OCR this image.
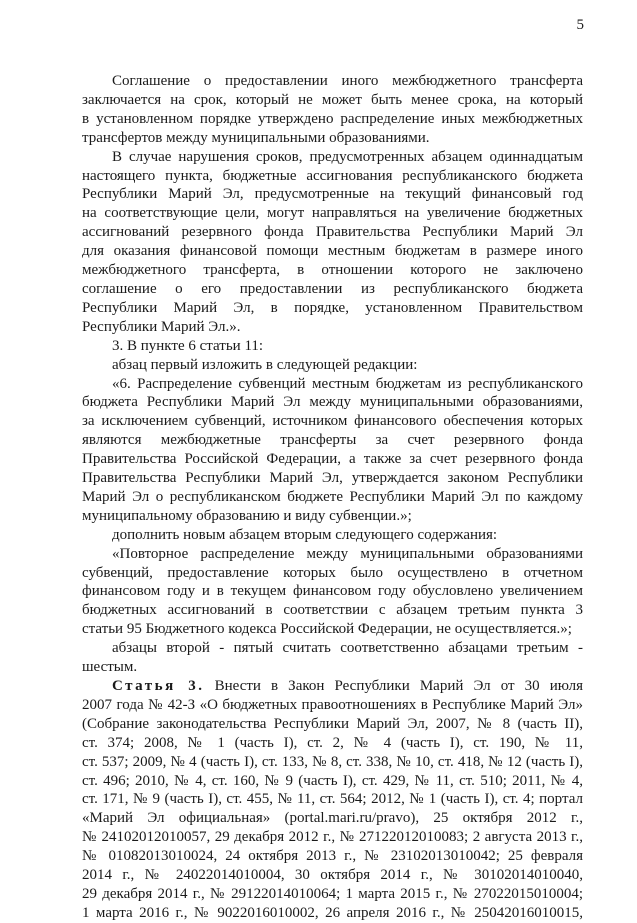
5
Соглашение о предоставлении иного межбюджетного трансферта
заключается на срок, который не может быть менее срока, на который
в установленном порядке утверждено распределение иных межбюджетных
трансфертов между муниципальными образованиями.
В случае нарушения сроков, предусмотренных абзацем одиннадцатым
настоящего пункта, бюджетные ассигнования республиканского бюджета
Республики Марий Эл, предусмотренные на текущий финансовый год
на соответствующие цели, могут направляться на увеличение бюджетных
ассигнований резервного фонда Правительства Республики Марий Эл
для оказания финансовой помощи местным бюджетам в размере иного
межбюджетного трансферта, в отношении которого не заключено
соглашение о его предоставлении из республиканского бюджета
Республики Марий Эл, в порядке, установленном Правительством
Республики Марий Эл.».
3. В пункте 6 статьи 11:
абзац первый изложить в следующей редакции:
«6. Распределение субвенций местным бюджетам из республиканского
бюджета Республики Марий Эл между муниципальными образованиями,
за исключением субвенций, источником финансового обеспечения которых
являются межбюджетные трансферты за счет резервного фонда
Правительства Российской Федерации, а также за счет резервного фонда
Правительства Республики Марий Эл, утверждается законом Республики
Марий Эл о республиканском бюджете Республики Марий Эл по каждому
муниципальному образованию и виду субвенции.»;
дополнить новым абзацем вторым следующего содержания:
«Повторное распределение между муниципальными образованиями
субвенций, предоставление которых было осуществлено в отчетном
финансовом году и в текущем финансовом году обусловлено увеличением
бюджетных ассигнований в соответствии с абзацем третьим пункта 3
статьи 95 Бюджетного кодекса Российской Федерации, не осуществляется.»;
абзацы второй - пятый считать соответственно абзацами третьим -
шестым.
Статья 3. Внести в Закон Республики Марий Эл от 30 июля
2007 года № 42-З «О бюджетных правоотношениях в Республике Марий Эл»
(Собрание законодательства Республики Марий Эл, 2007, № 8 (часть II),
ст. 374; 2008, № 1 (часть I), ст. 2, № 4 (часть I), ст. 190, № 11,
ст. 537; 2009, № 4 (часть I), ст. 133, № 8, ст. 338, № 10, ст. 418, № 12 (часть I),
ст. 496; 2010, № 4, ст. 160, № 9 (часть I), ст. 429, № 11, ст. 510; 2011, № 4,
ст. 171, № 9 (часть I), ст. 455, № 11, ст. 564; 2012, № 1 (часть I), ст. 4; портал
«Марий Эл официальная» (portal.mari.ru/pravo), 25 октября 2012 г.,
№ 24102012010057, 29 декабря 2012 г., № 27122012010083; 2 августа 2013 г.,
№ 01082013010024, 24 октября 2013 г., № 23102013010042; 25 февраля
2014 г., № 24022014010004, 30 октября 2014 г., № 30102014010040,
29 декабря 2014 г., № 29122014010064; 1 марта 2015 г., № 27022015010004;
1 марта 2016 г., № 9022016010002, 26 апреля 2016 г., № 25042016010015,
